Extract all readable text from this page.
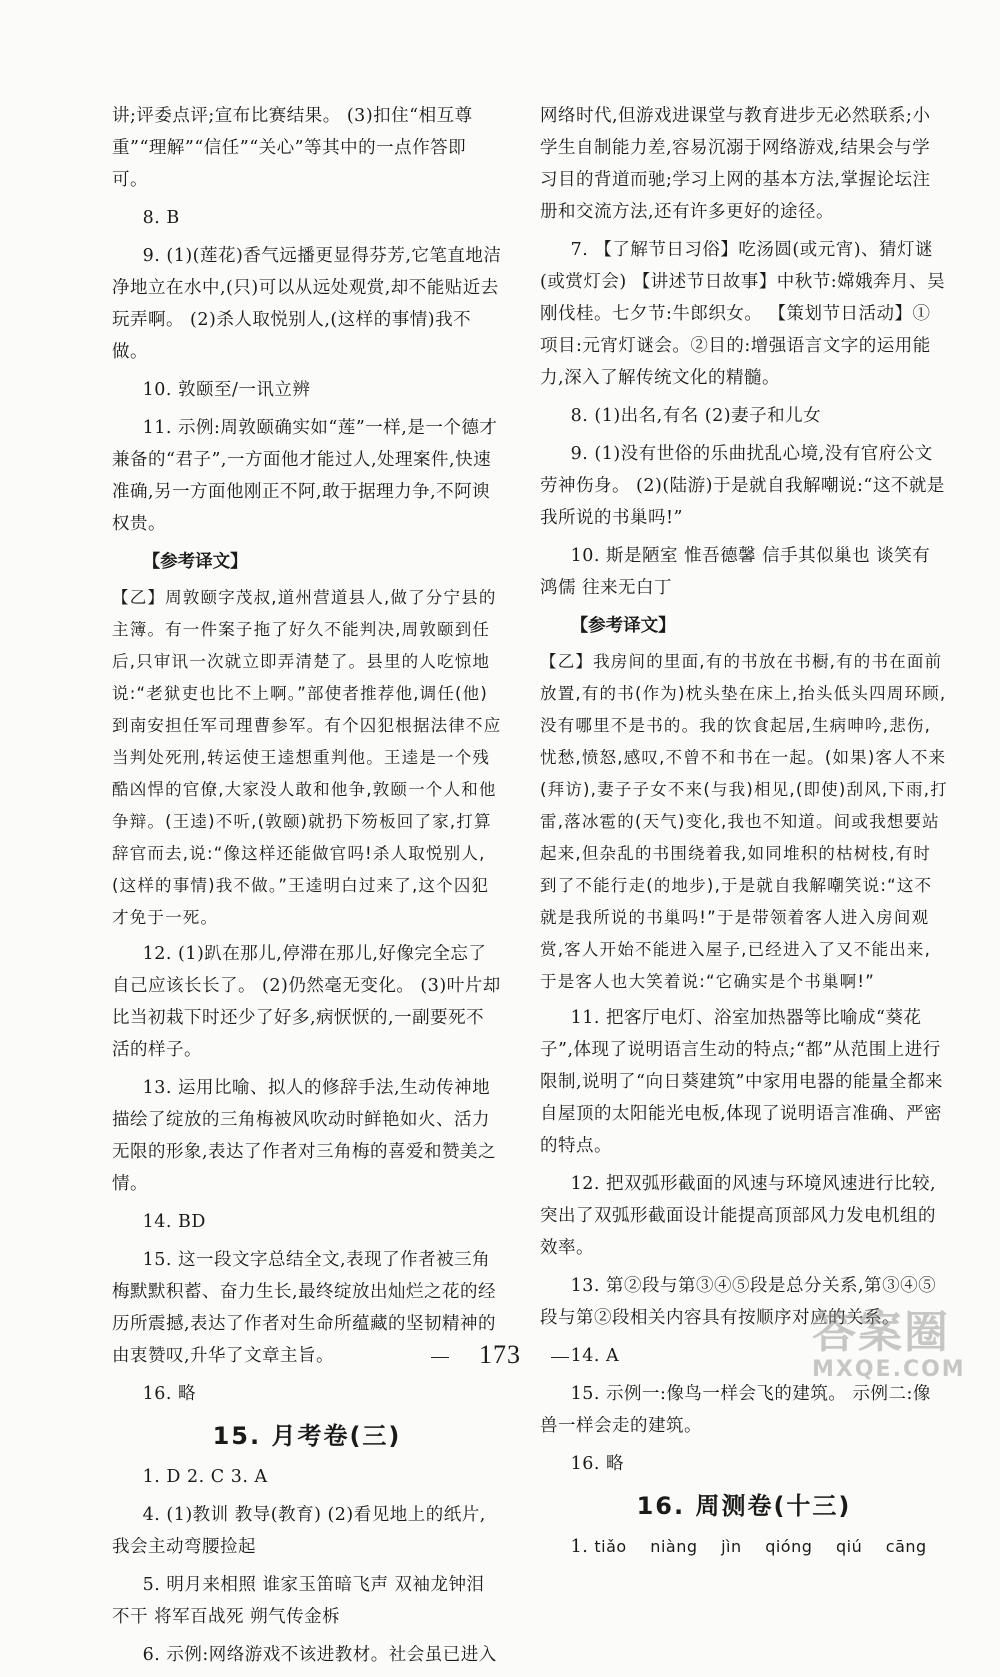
讲;评委点评;宣布比赛结果。 (3)扣住“相互尊重”“理解”“信任”“关心”等其中的一点作答即可。

8. B

9. (1)(莲花)香气远播更显得芬芳,它笔直地洁净地立在水中,(只)可以从远处观赏,却不能贴近去玩弄啊。 (2)杀人取悦别人,(这样的事情)我不做。

10. 敦颐至/一讯立辨

11. 示例:周敦颐确实如“莲”一样,是一个德才兼备的“君子”,一方面他才能过人,处理案件,快速准确,另一方面他刚正不阿,敢于据理力争,不阿谀权贵。

【参考译文】

【乙】周敦颐字茂叔,道州营道县人,做了分宁县的主簿。有一件案子拖了好久不能判决,周敦颐到任后,只审讯一次就立即弄清楚了。县里的人吃惊地说:“老狱吏也比不上啊。”部使者推荐他,调任(他)到南安担任军司理曹参军。有个囚犯根据法律不应当判处死刑,转运使王逵想重判他。王逵是一个残酷凶悍的官僚,大家没人敢和他争,敦颐一个人和他争辩。(王逵)不听,(敦颐)就扔下笏板回了家,打算辞官而去,说:“像这样还能做官吗!杀人取悦别人,(这样的事情)我不做。”王逵明白过来了,这个囚犯才免于一死。

12. (1)趴在那儿,停滞在那儿,好像完全忘了自己应该长长了。 (2)仍然毫无变化。 (3)叶片却比当初栽下时还少了好多,病恹恹的,一副要死不活的样子。

13. 运用比喻、拟人的修辞手法,生动传神地描绘了绽放的三角梅被风吹动时鲜艳如火、活力无限的形象,表达了作者对三角梅的喜爱和赞美之情。

14. BD

15. 这一段文字总结全文,表现了作者被三角梅默默积蓄、奋力生长,最终绽放出灿烂之花的经历所震撼,表达了作者对生命所蕴藏的坚韧精神的由衷赞叹,升华了文章主旨。

16. 略

15. 月考卷(三)

1. D 2. C 3. A

4. (1)教训 教导(教育) (2)看见地上的纸片,我会主动弯腰捡起

5. 明月来相照 谁家玉笛暗飞声 双袖龙钟泪不干 将军百战死 朔气传金柝

6. 示例:网络游戏不该进教材。社会虽已进入

网络时代,但游戏进课堂与教育进步无必然联系;小学生自制能力差,容易沉溺于网络游戏,结果会与学习目的背道而驰;学习上网的基本方法,掌握论坛注册和交流方法,还有许多更好的途径。

7. 【了解节日习俗】吃汤圆(或元宵)、猜灯谜(或赏灯会) 【讲述节日故事】中秋节:嫦娥奔月、吴刚伐桂。七夕节:牛郎织女。 【策划节日活动】①项目:元宵灯谜会。②目的:增强语言文字的运用能力,深入了解传统文化的精髓。

8. (1)出名,有名 (2)妻子和儿女

9. (1)没有世俗的乐曲扰乱心境,没有官府公文劳神伤身。 (2)(陆游)于是就自我解嘲说:“这不就是我所说的书巢吗!”

10. 斯是陋室 惟吾德馨 信手其似巢也 谈笑有鸿儒 往来无白丁

【参考译文】

【乙】我房间的里面,有的书放在书橱,有的书在面前放置,有的书(作为)枕头垫在床上,抬头低头四周环顾,没有哪里不是书的。我的饮食起居,生病呻吟,悲伤,忧愁,愤怒,感叹,不曾不和书在一起。(如果)客人不来(拜访),妻子子女不来(与我)相见,(即使)刮风,下雨,打雷,落冰雹的(天气)变化,我也不知道。间或我想要站起来,但杂乱的书围绕着我,如同堆积的枯树枝,有时到了不能行走(的地步),于是就自我解嘲笑说:“这不就是我所说的书巢吗!”于是带领着客人进入房间观赏,客人开始不能进入屋子,已经进入了又不能出来,于是客人也大笑着说:“它确实是个书巢啊!”

11. 把客厅电灯、浴室加热器等比喻成“葵花子”,体现了说明语言生动的特点;“都”从范围上进行限制,说明了“向日葵建筑”中家用电器的能量全都来自屋顶的太阳能光电板,体现了说明语言准确、严密的特点。

12. 把双弧形截面的风速与环境风速进行比较,突出了双弧形截面设计能提高顶部风力发电机组的效率。

13. 第②段与第③④⑤段是总分关系,第③④⑤段与第②段相关内容具有按顺序对应的关系。

14. A

15. 示例一:像鸟一样会飞的建筑。 示例二:像兽一样会走的建筑。

16. 略

16. 周测卷(十三)

1. tiǎo niàng jìn qióng qiú cāng

173	答案圈
MXQE.COM
